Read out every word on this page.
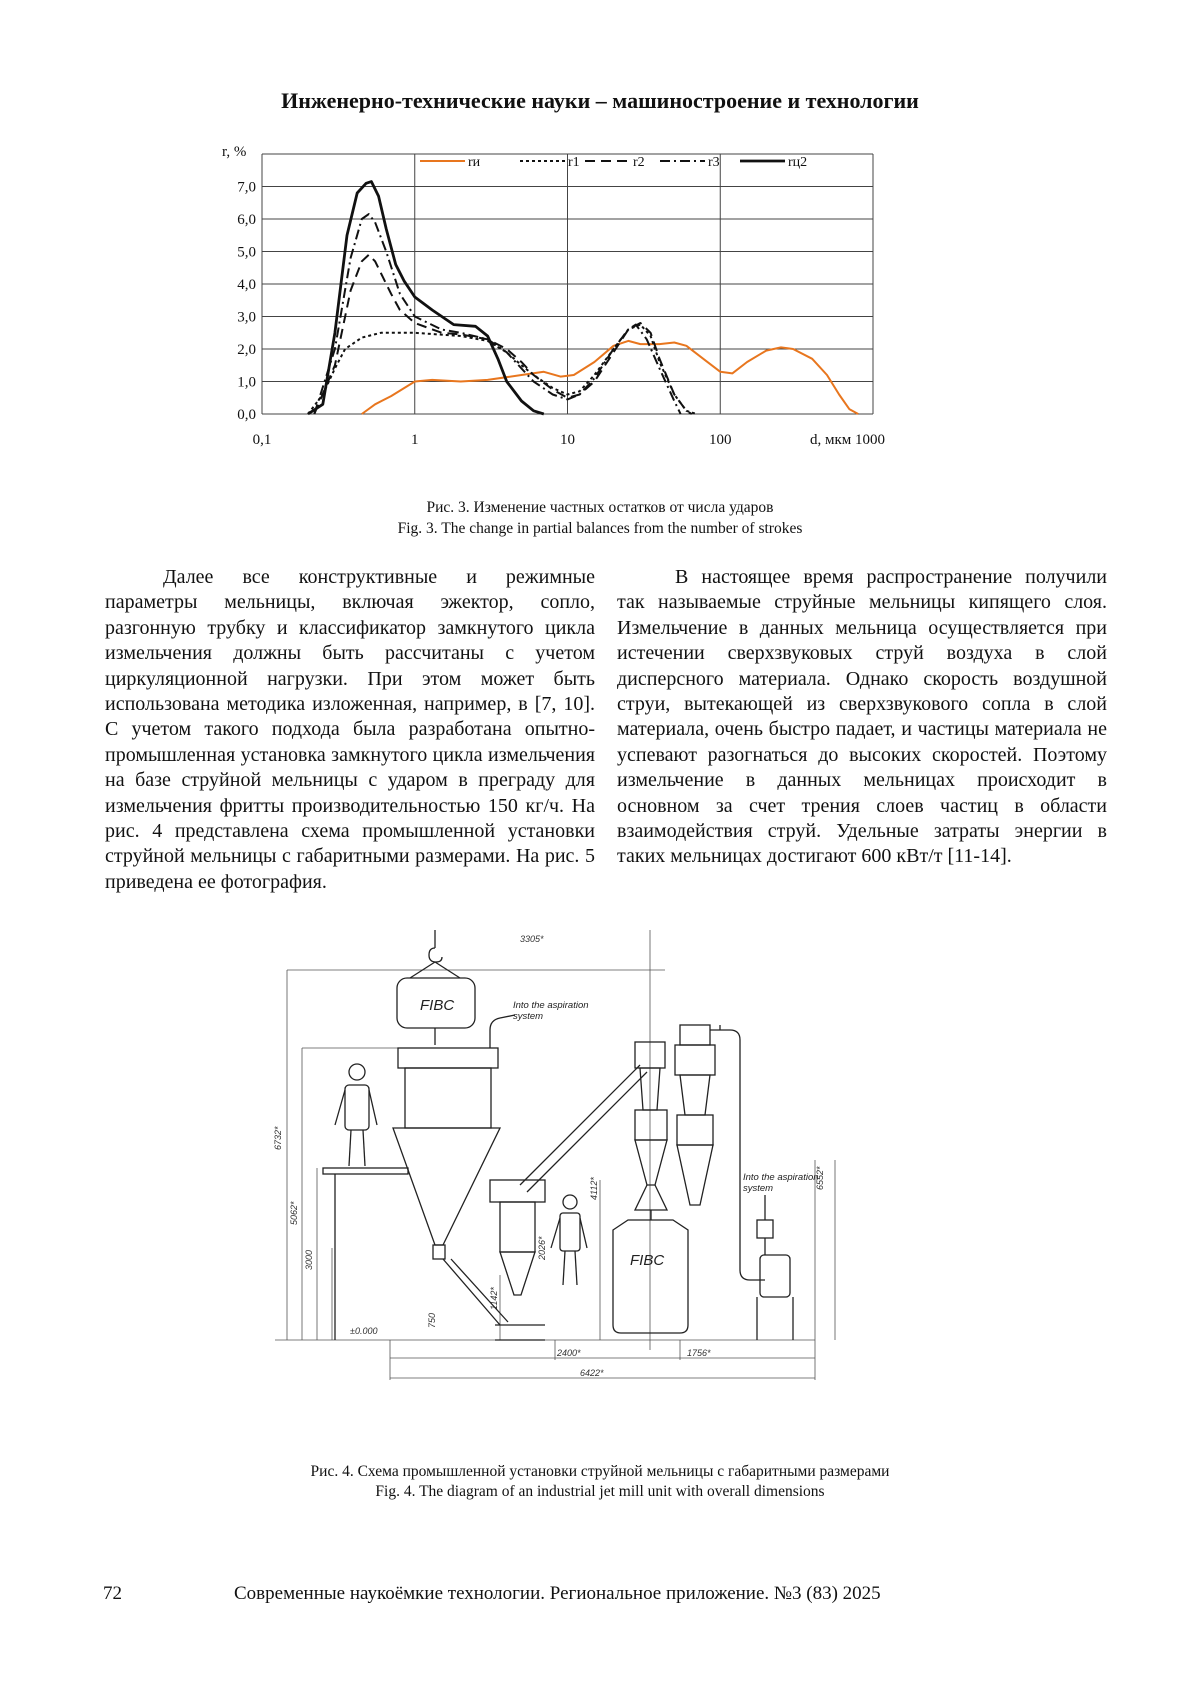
Инженерно-технические науки – машиностроение и технологии
0,0
1,0
2,0
3,0
4,0
5,0
6,0
7,0
0,1	1	10	100	d, мкм 1000
r, %
rи	r1	r2	r3	rц2
Рис. 3. Изменение частных остатков от числа ударов
Fig. 3. The change in partial balances from the number of strokes

Далее все конструктивные и режимные параметры мельницы, включая эжектор, сопло, разгонную трубку и классификатор замкнутого цикла измельчения должны быть рассчитаны с учетом циркуляционной нагрузки. При этом может быть использована методика изложенная, например, в [7, 10]. С учетом такого подхода была разработана опытно-промышленная установка замкнутого цикла измельчения на базе струйной мельницы с ударом в преграду для измельчения фритты производительностью 150 кг/ч. На рис. 4 представлена схема промышленной установки струйной мельницы с габаритными размерами. На рис. 5 приведена ее фотография.

В настоящее время распространение получили так называемые струйные мельницы кипящего слоя. Измельчение в данных мельница осуществляется при истечении сверхзвуковых струй воздуха в слой дисперсного материала. Однако скорость воздушной струи, вытекающей из сверхзвукового сопла в слой материала, очень быстро падает, и частицы материала не успевают разогнаться до высоких скоростей. Поэтому измельчение в данных мельницах происходит в основном за счет трения слоев частиц в области взаимодействия струй. Удельные затраты энергии в таких мельницах достигают 600 кВт/т [11-14].

3305*
6732*
5062*
3000
750
1142*
2026*
4112*	6552*
2400*	1756*
6422*
±0.000
FIBC	Into the aspiration
system
FIBC
Into the aspiration
system
Рис. 4. Схема промышленной установки струйной мельницы с габаритными размерами
Fig. 4. The diagram of an industrial jet mill unit with overall dimensions
72	Современные наукоёмкие технологии. Региональное приложение. №3 (83) 2025
